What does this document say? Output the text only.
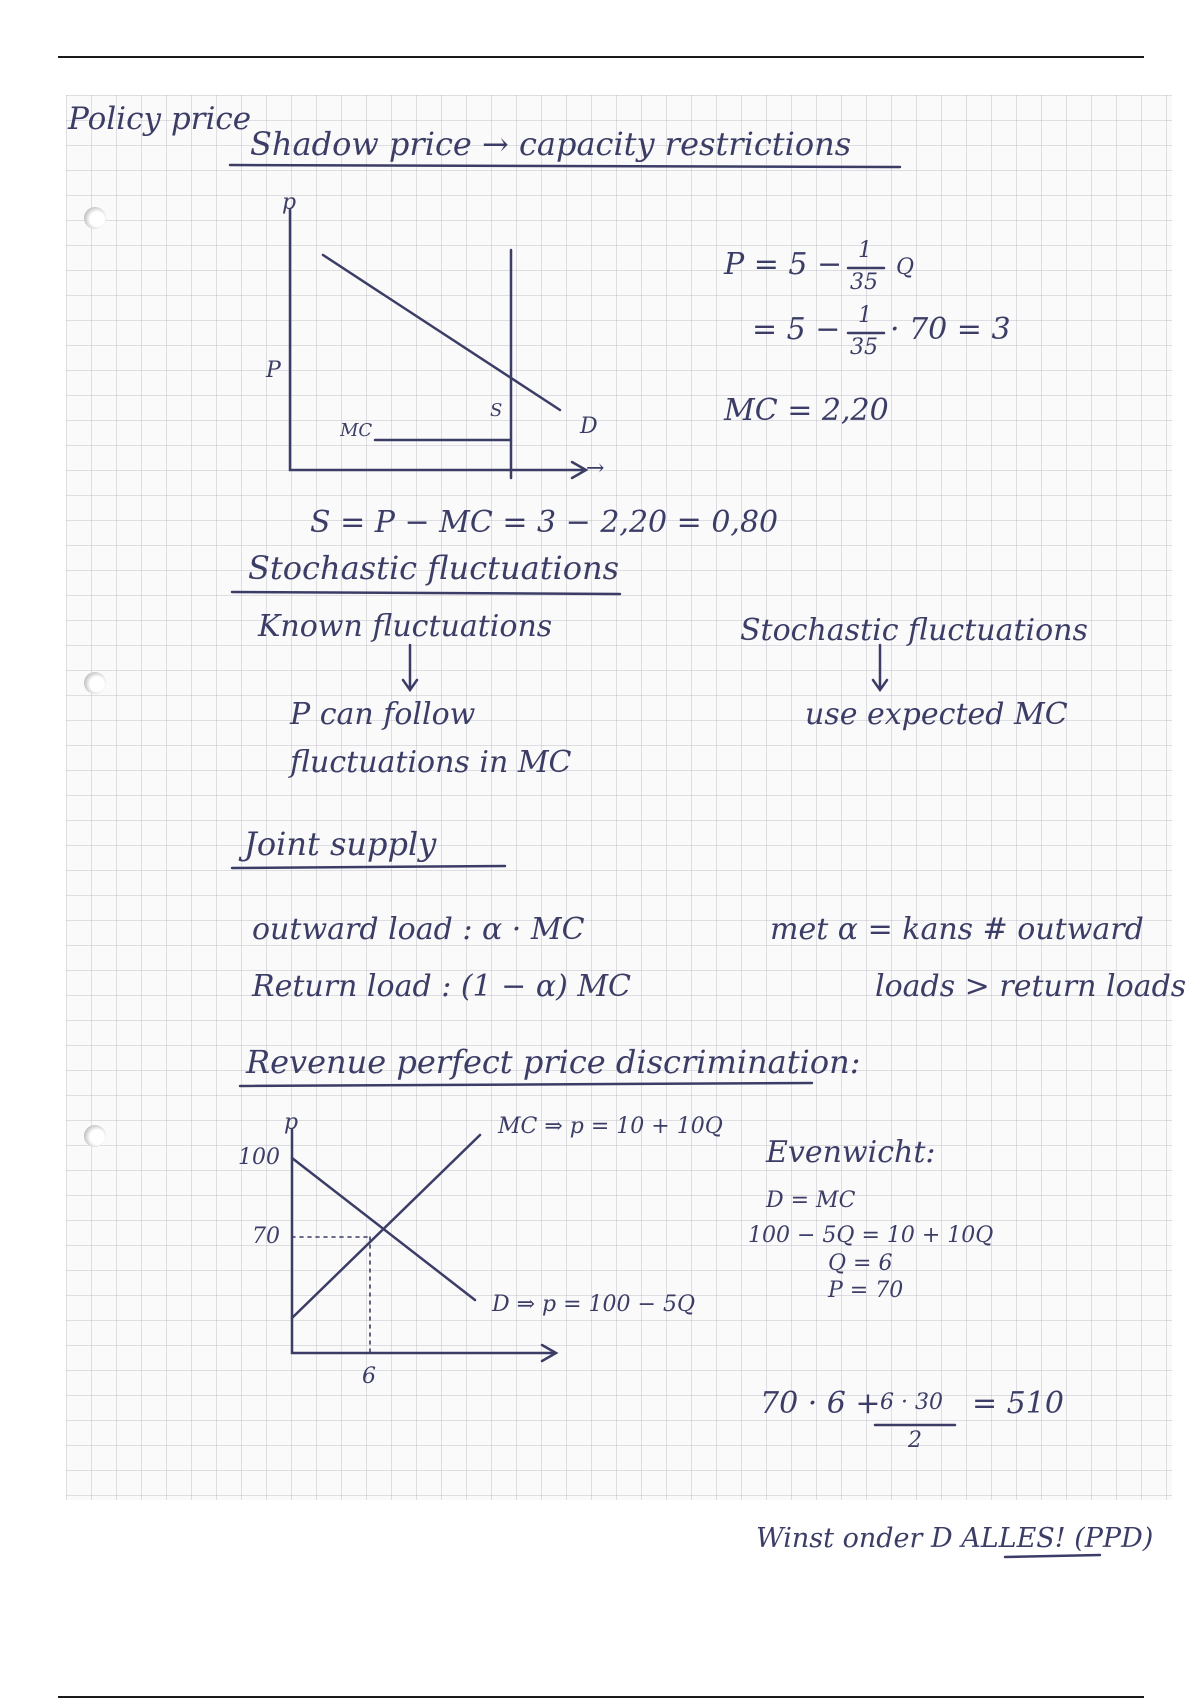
Policy price
Shadow price → capacity restrictions
p
P
MC
S
D
→
P = 5 − 1
35
Q
= 5 − 1
35
· 70 = 3
MC = 2,20
S = P − MC = 3 − 2,20 = 0,80
Stochastic fluctuations
Known fluctuations
P can follow
fluctuations in MC
Stochastic fluctuations
use expected MC
Joint supply
outward load : α · MC
Return load : (1 − α) MC
met α = kans # outward
loads > return loads
Revenue perfect price discrimination:
p
100
70
6
MC ⇒ p = 10 + 10Q
D ⇒ p = 100 − 5Q
Evenwicht:
D = MC
100 − 5Q = 10 + 10Q
Q = 6
P = 70
Winst onder D ALLES! (PPD)
70 · 6 + 6 · 30
2
= 510
